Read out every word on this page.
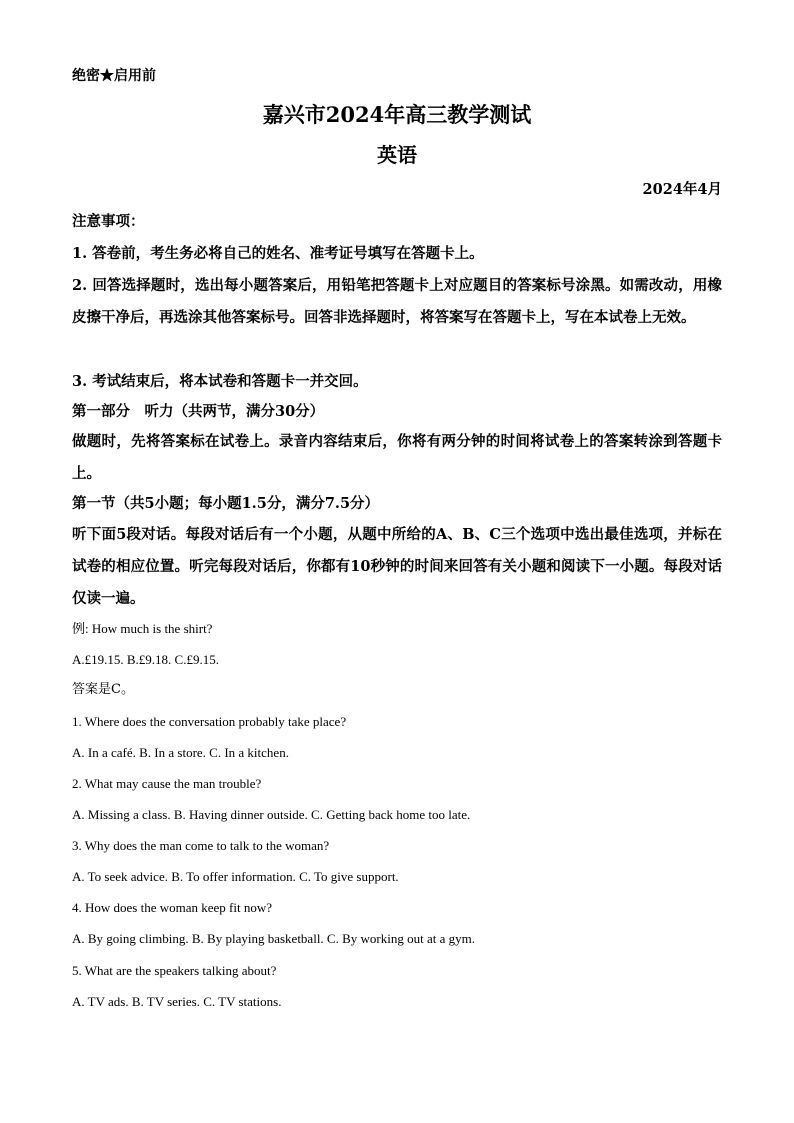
绝密★启用前
嘉兴市2024年高三教学测试
英语
2024年4月
注意事项：
1. 答卷前，考生务必将自己的姓名、准考证号填写在答题卡上。
2. 回答选择题时，选出每小题答案后，用铅笔把答题卡上对应题目的答案标号涂黑。如需改动，用橡皮擦干净后，再选涂其他答案标号。回答非选择题时，将答案写在答题卡上，写在本试卷上无效。
3. 考试结束后，将本试卷和答题卡一并交回。
第一部分　听力（共两节，满分30分）
做题时，先将答案标在试卷上。录音内容结束后，你将有两分钟的时间将试卷上的答案转涂到答题卡上。
第一节（共5小题；每小题1.5分，满分7.5分）
听下面5段对话。每段对话后有一个小题，从题中所给的A、B、C三个选项中选出最佳选项，并标在试卷的相应位置。听完每段对话后，你都有10秒钟的时间来回答有关小题和阅读下一小题。每段对话仅读一遍。
例: How much is the shirt?
A.£19.15. B.£9.18. C.£9.15.
答案是C。
1. Where does the conversation probably take place?
A. In a café. B. In a store. C. In a kitchen.
2. What may cause the man trouble?
A. Missing a class. B. Having dinner outside. C. Getting back home too late.
3. Why does the man come to talk to the woman?
A. To seek advice. B. To offer information. C. To give support.
4. How does the woman keep fit now?
A. By going climbing. B. By playing basketball. C. By working out at a gym.
5. What are the speakers talking about?
A. TV ads. B. TV series. C. TV stations.
